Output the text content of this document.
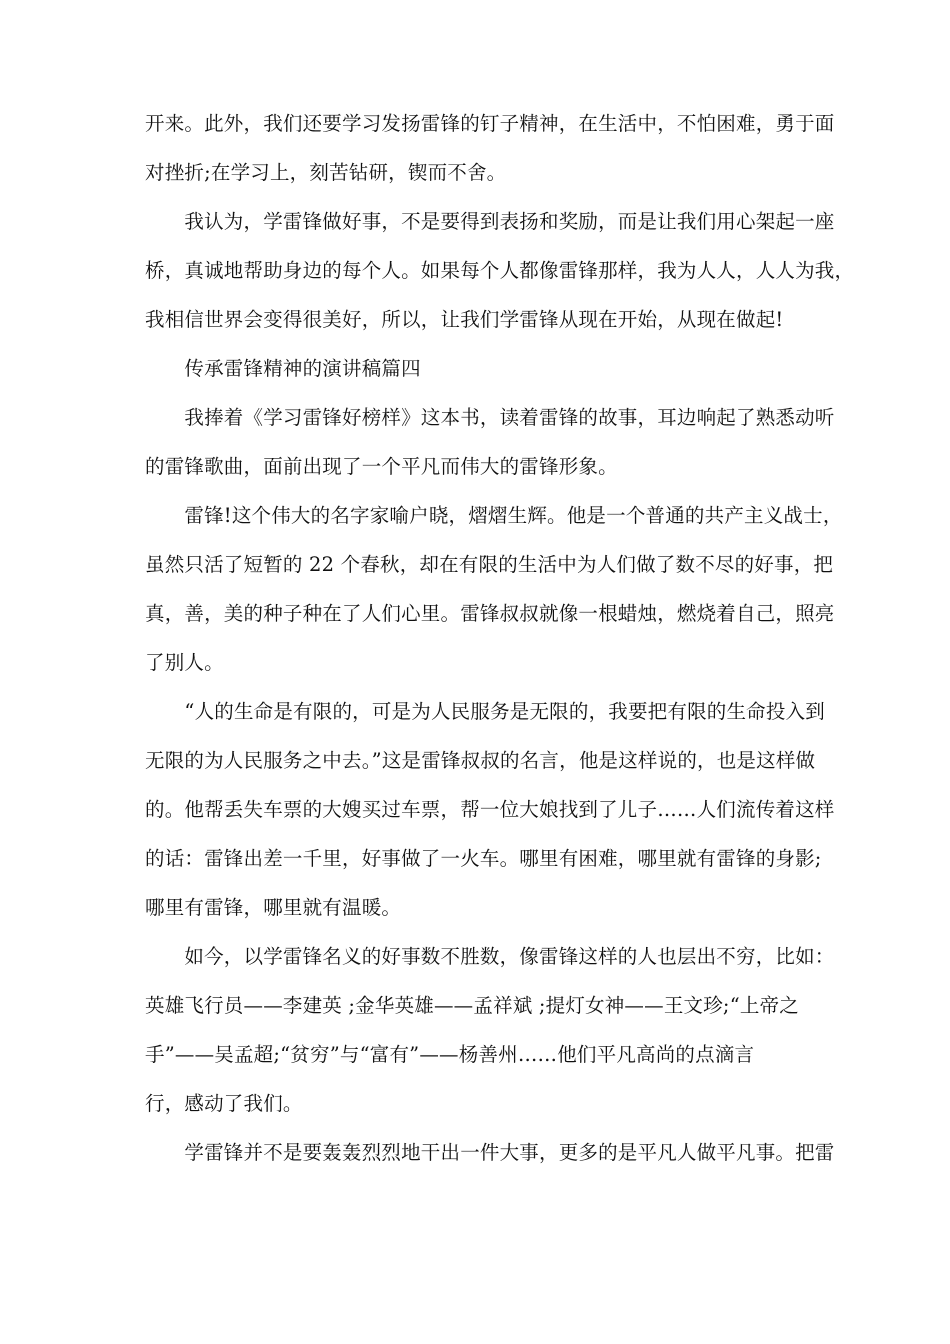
开来。此外，我们还要学习发扬雷锋的钉子精神，在生活中，不怕困难，勇于面
对挫折;在学习上，刻苦钻研，锲而不舍。
　　我认为，学雷锋做好事，不是要得到表扬和奖励，而是让我们用心架起一座
桥，真诚地帮助身边的每个人。如果每个人都像雷锋那样，我为人人，人人为我，
我相信世界会变得很美好，所以，让我们学雷锋从现在开始，从现在做起!
　　传承雷锋精神的演讲稿篇四
　　我捧着《学习雷锋好榜样》这本书，读着雷锋的故事，耳边响起了熟悉动听
的雷锋歌曲，面前出现了一个平凡而伟大的雷锋形象。
　　雷锋!这个伟大的名字家喻户晓，熠熠生辉。他是一个普通的共产主义战士，
虽然只活了短暂的 22 个春秋，却在有限的生活中为人们做了数不尽的好事，把
真，善，美的种子种在了人们心里。雷锋叔叔就像一根蜡烛，燃烧着自己，照亮
了别人。
　　“人的生命是有限的，可是为人民服务是无限的，我要把有限的生命投入到
无限的为人民服务之中去。”这是雷锋叔叔的名言，他是这样说的，也是这样做
的。他帮丢失车票的大嫂买过车票，帮一位大娘找到了儿子……人们流传着这样
的话：雷锋出差一千里，好事做了一火车。哪里有困难，哪里就有雷锋的身影;
哪里有雷锋，哪里就有温暖。
　　如今，以学雷锋名义的好事数不胜数，像雷锋这样的人也层出不穷，比如：
英雄飞行员——李建英 ;金华英雄——孟祥斌 ;提灯女神——王文珍;“上帝之
手”——吴孟超;“贫穷”与“富有”——杨善州……他们平凡高尚的点滴言
行，感动了我们。
　　学雷锋并不是要轰轰烈烈地干出一件大事，更多的是平凡人做平凡事。把雷
